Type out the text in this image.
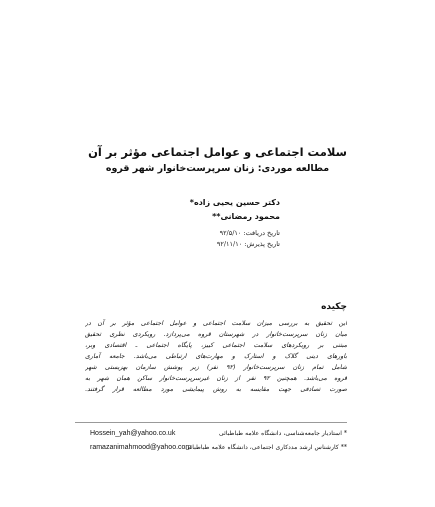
سلامت اجتماعی و عوامل اجتماعی مؤثر بر آن
مطالعه موردی: زنان سرپرست‌خانوار شهر قروه
دکتر حسین یحیی زاده*
محمود رمضانی**
تاریخ دریافت: ۹۲/۵/۱۰
تاریخ پذیرش: ۹۲/۱۱/۱۰
چکیده
این تحقیق به بررسی میزان سلامت اجتماعی و عوامل اجتماعی مؤثر بر آن در
میان زنان سرپرست‌خانوار در شهرستان قروه می‌پردازد. رویکردی نظری تحقیق
مبتنی بر رویکردهای سلامت اجتماعی کییز، پایگاه اجتماعی ـ اقتصادی وبر،
باورهای دینی گلاک و استارک و مهارت‌های ارتباطی می‌باشد. جامعه آماری
شامل تمام زنان سرپرست‌خانوار (۹۲ نفر) زیر پوشش سازمان بهزیستی شهر
قروه می‌باشد. همچنین ۹۲ نفر از زنان غیرسرپرست‌خانوار ساکن همان شهر به
صورت تصادفی جهت مقایسه به روش پیمایشی مورد مطالعه قرار گرفتند.
* استادیار جامعه‌شناسی، دانشگاه علامه طباطبائی
Hossein_yah@yahoo.co.uk
** کارشناس ارشد مددکاری اجتماعی، دانشگاه علامه طباطبائی
ramazanimahmood@yahoo.com
